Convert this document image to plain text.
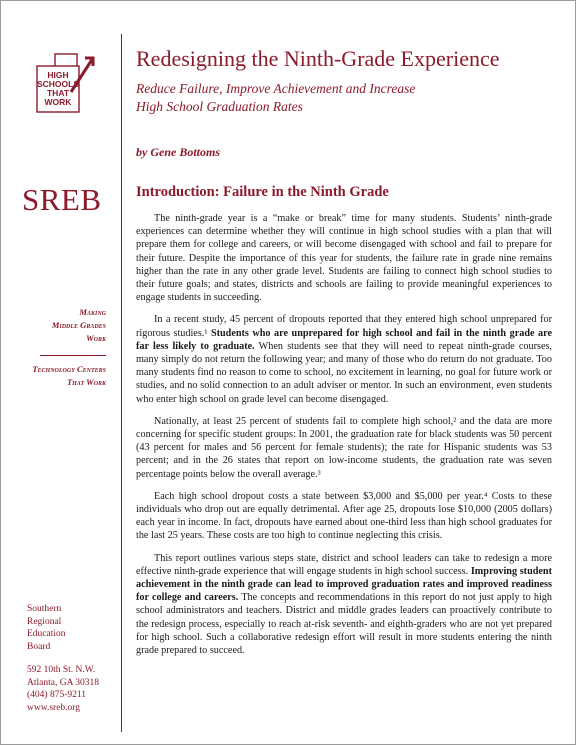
HIGH
SCHOOLS
THAT
WORK
SREB
Making
Middle Grades
Work
Technology Centers
That Work
Southern
Regional
Education
Board
592 10th St. N.W.
Atlanta, GA 30318
(404) 875-9211
www.sreb.org
Redesigning the Ninth-Grade Experience
Reduce Failure, Improve Achievement and Increase
High School Graduation Rates
by Gene Bottoms
Introduction: Failure in the Ninth Grade

The ninth-grade year is a “make or break” time for many students. Students’ ninth-grade experiences can determine whether they will continue in high school studies with a plan that will prepare them for college and careers, or will become disengaged with school and fail to prepare for their future. Despite the importance of this year for students, the failure rate in grade nine remains higher than the rate in any other grade level. Students are failing to connect high school studies to their future goals; and states, districts and schools are failing to provide meaningful experiences to engage students in succeeding.

In a recent study, 45 percent of dropouts reported that they entered high school unprepared for rigorous studies.¹ Students who are unprepared for high school and fail in the ninth grade are far less likely to graduate. When students see that they will need to repeat ninth-grade courses, many simply do not return the following year; and many of those who do return do not graduate. Too many students find no reason to come to school, no excitement in learning, no goal for future work or studies, and no solid connection to an adult adviser or mentor. In such an environment, even students who enter high school on grade level can become disengaged.

Nationally, at least 25 percent of students fail to complete high school,² and the data are more concerning for specific student groups: In 2001, the graduation rate for black students was 50 percent (43 percent for males and 56 percent for female students); the rate for Hispanic students was 53 percent; and in the 26 states that report on low-income students, the graduation rate was seven percentage points below the overall average.³

Each high school dropout costs a state between $3,000 and $5,000 per year.⁴ Costs to these individuals who drop out are equally detrimental. After age 25, dropouts lose $10,000 (2005 dollars) each year in income. In fact, dropouts have earned about one-third less than high school graduates for the last 25 years. These costs are too high to continue neglecting this crisis.

This report outlines various steps state, district and school leaders can take to redesign a more effective ninth-grade experience that will engage students in high school success. Improving student achievement in the ninth grade can lead to improved graduation rates and improved readiness for college and careers. The concepts and recommendations in this report do not just apply to high school administrators and teachers. District and middle grades leaders can proactively contribute to the redesign process, especially to reach at-risk seventh- and eighth-graders who are not yet prepared for high school. Such a collaborative redesign effort will result in more students entering the ninth grade prepared to succeed.
